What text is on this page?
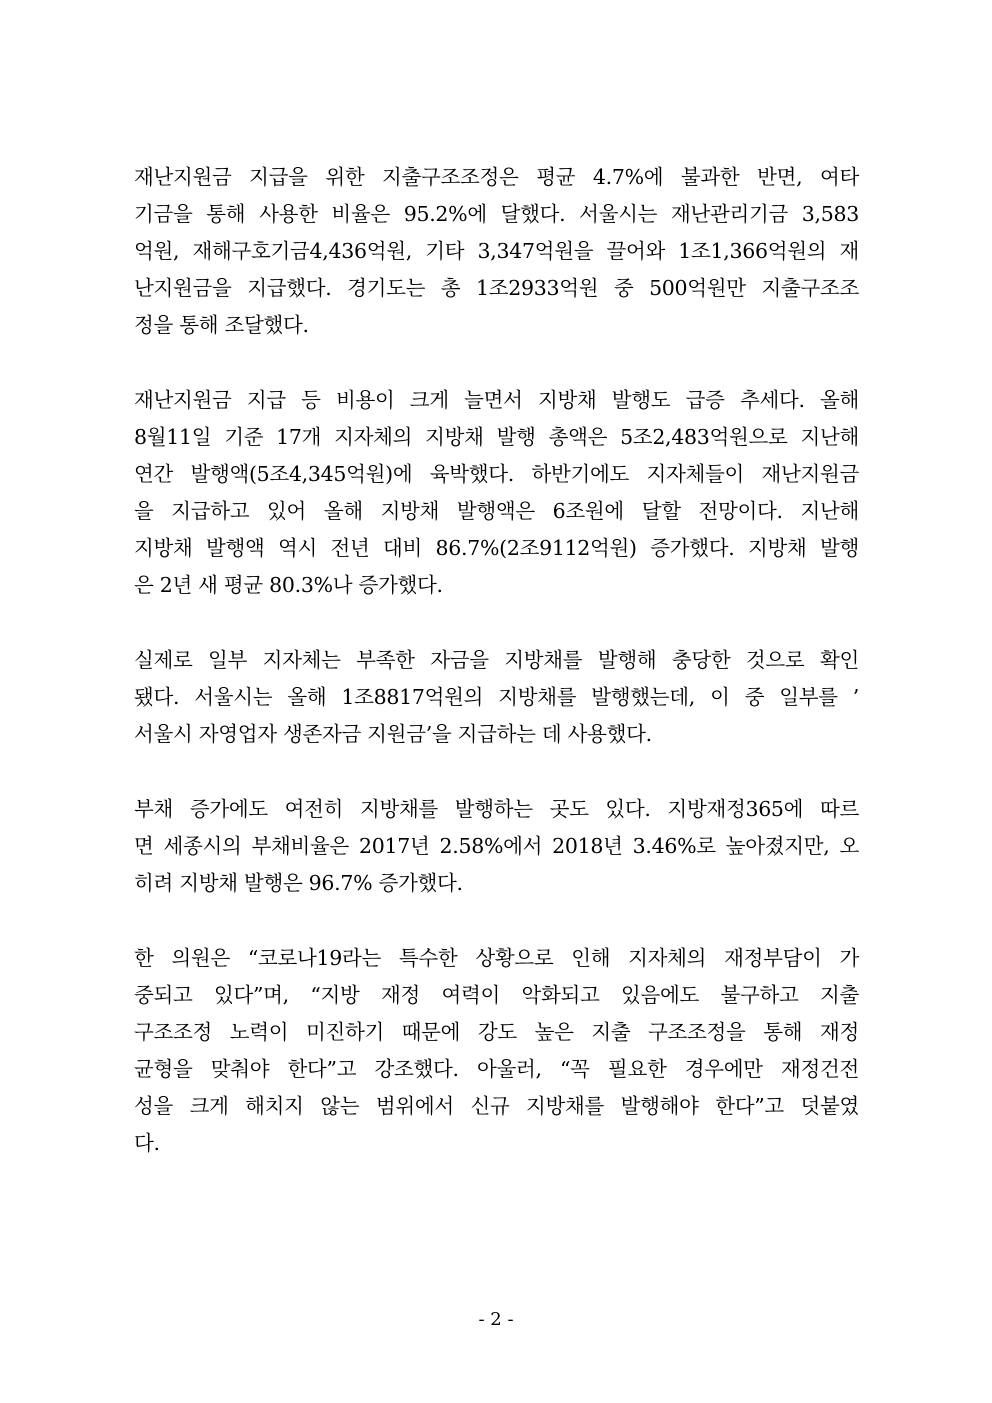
재난지원금 지급을 위한 지출구조조정은 평균 4.7%에 불과한 반면, 여타
기금을 통해 사용한 비율은 95.2%에 달했다. 서울시는 재난관리기금 3,583
억원, 재해구호기금4,436억원, 기타 3,347억원을 끌어와 1조1,366억원의 재
난지원금을 지급했다. 경기도는 총 1조2933억원 중 500억원만 지출구조조
정을 통해 조달했다.
재난지원금 지급 등 비용이 크게 늘면서 지방채 발행도 급증 추세다. 올해
8월11일 기준 17개 지자체의 지방채 발행 총액은 5조2,483억원으로 지난해
연간 발행액(5조4,345억원)에 육박했다. 하반기에도 지자체들이 재난지원금
을 지급하고 있어 올해 지방채 발행액은 6조원에 달할 전망이다. 지난해
지방채 발행액 역시 전년 대비 86.7%(2조9112억원) 증가했다. 지방채 발행
은 2년 새 평균 80.3%나 증가했다.
실제로 일부 지자체는 부족한 자금을 지방채를 발행해 충당한 것으로 확인
됐다. 서울시는 올해 1조8817억원의 지방채를 발행했는데, 이 중 일부를 ’
서울시 자영업자 생존자금 지원금’을 지급하는 데 사용했다.
부채 증가에도 여전히 지방채를 발행하는 곳도 있다. 지방재정365에 따르
면 세종시의 부채비율은 2017년 2.58%에서 2018년 3.46%로 높아졌지만, 오
히려 지방채 발행은 96.7% 증가했다.
한 의원은 “코로나19라는 특수한 상황으로 인해 지자체의 재정부담이 가
중되고 있다”며, “지방 재정 여력이 악화되고 있음에도 불구하고 지출
구조조정 노력이 미진하기 때문에 강도 높은 지출 구조조정을 통해 재정
균형을 맞춰야 한다”고 강조했다. 아울러, “꼭 필요한 경우에만 재정건전
성을 크게 해치지 않는 범위에서 신규 지방채를 발행해야 한다”고 덧붙였
다.
- 2 -
